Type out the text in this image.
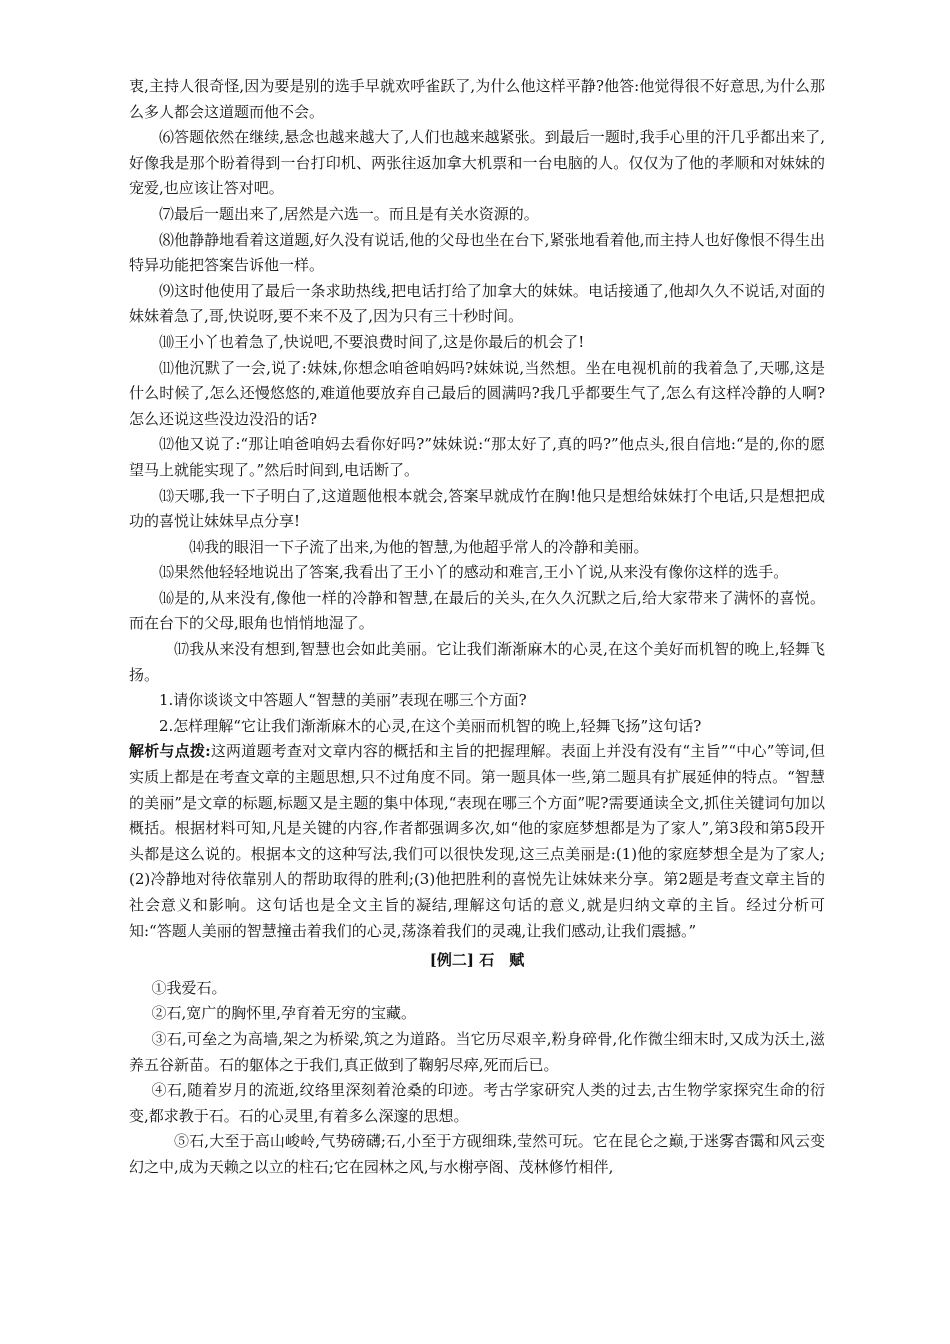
衷,主持人很奇怪,因为要是别的选手早就欢呼雀跃了,为什么他这样平静?他答:他觉得很不好意思,为什么那么多人都会这道题而他不会。

⑹答题依然在继续,悬念也越来越大了,人们也越来越紧张。到最后一题时,我手心里的汗几乎都出来了,好像我是那个盼着得到一台打印机、两张往返加拿大机票和一台电脑的人。仅仅为了他的孝顺和对妹妹的宠爱,也应该让答对吧。

⑺最后一题出来了,居然是六选一。而且是有关水资源的。

⑻他静静地看着这道题,好久没有说话,他的父母也坐在台下,紧张地看着他,而主持人也好像恨不得生出特异功能把答案告诉他一样。

⑼这时他使用了最后一条求助热线,把电话打给了加拿大的妹妹。电话接通了,他却久久不说话,对面的妹妹着急了,哥,快说呀,要不来不及了,因为只有三十秒时间。

⑽王小丫也着急了,快说吧,不要浪费时间了,这是你最后的机会了!

⑾他沉默了一会,说了:妹妹,你想念咱爸咱妈吗?妹妹说,当然想。坐在电视机前的我着急了,天哪,这是什么时候了,怎么还慢悠悠的,难道他要放弃自己最后的圆满吗?我几乎都要生气了,怎么有这样冷静的人啊?怎么还说这些没边没沿的话?

⑿他又说了:“那让咱爸咱妈去看你好吗?”妹妹说:“那太好了,真的吗?”他点头,很自信地:“是的,你的愿望马上就能实现了。”然后时间到,电话断了。

⒀天哪,我一下子明白了,这道题他根本就会,答案早就成竹在胸!他只是想给妹妹打个电话,只是想把成功的喜悦让妹妹早点分享!

⒁我的眼泪一下子流了出来,为他的智慧,为他超乎常人的冷静和美丽。

⒂果然他轻轻地说出了答案,我看出了王小丫的感动和难言,王小丫说,从来没有像你这样的选手。

⒃是的,从来没有,像他一样的冷静和智慧,在最后的关头,在久久沉默之后,给大家带来了满怀的喜悦。而在台下的父母,眼角也悄悄地湿了。

⒄我从来没有想到,智慧也会如此美丽。它让我们渐渐麻木的心灵,在这个美好而机智的晚上,轻舞飞扬。

1.请你谈谈文中答题人“智慧的美丽”表现在哪三个方面?

2.怎样理解“它让我们渐渐麻木的心灵,在这个美丽而机智的晚上,轻舞飞扬”这句话?

解析与点拨:这两道题考查对文章内容的概括和主旨的把握理解。表面上并没有没有“主旨”“中心”等词,但实质上都是在考查文章的主题思想,只不过角度不同。第一题具体一些,第二题具有扩展延伸的特点。“智慧的美丽”是文章的标题,标题又是主题的集中体现,“表现在哪三个方面”呢?需要通读全文,抓住关键词句加以概括。根据材料可知,凡是关键的内容,作者都强调多次,如“他的家庭梦想都是为了家人”,第3段和第5段开头都是这么说的。根据本文的这种写法,我们可以很快发现,这三点美丽是:(1)他的家庭梦想全是为了家人;(2)冷静地对待依靠别人的帮助取得的胜利;(3)他把胜利的喜悦先让妹妹来分享。第2题是考查文章主旨的社会意义和影响。这句话也是全文主旨的凝结,理解这句话的意义,就是归纳文章的主旨。经过分析可知:“答题人美丽的智慧撞击着我们的心灵,荡涤着我们的灵魂,让我们感动,让我们震撼。”

[例二] 石　赋

①我爱石。

②石,宽广的胸怀里,孕育着无穷的宝藏。

③石,可垒之为高墙,架之为桥梁,筑之为道路。当它历尽艰辛,粉身碎骨,化作微尘细末时,又成为沃土,滋养五谷新苗。石的躯体之于我们,真正做到了鞠躬尽瘁,死而后已。

④石,随着岁月的流逝,纹络里深刻着沧桑的印迹。考古学家研究人类的过去,古生物学家探究生命的衍变,都求教于石。石的心灵里,有着多么深邃的思想。

⑤石,大至于高山峻岭,气势磅礴;石,小至于方砚细珠,莹然可玩。它在昆仑之巅,于迷雾杳霭和风云变幻之中,成为天赖之以立的柱石;它在园林之风,与水榭亭阁、茂林修竹相伴,
